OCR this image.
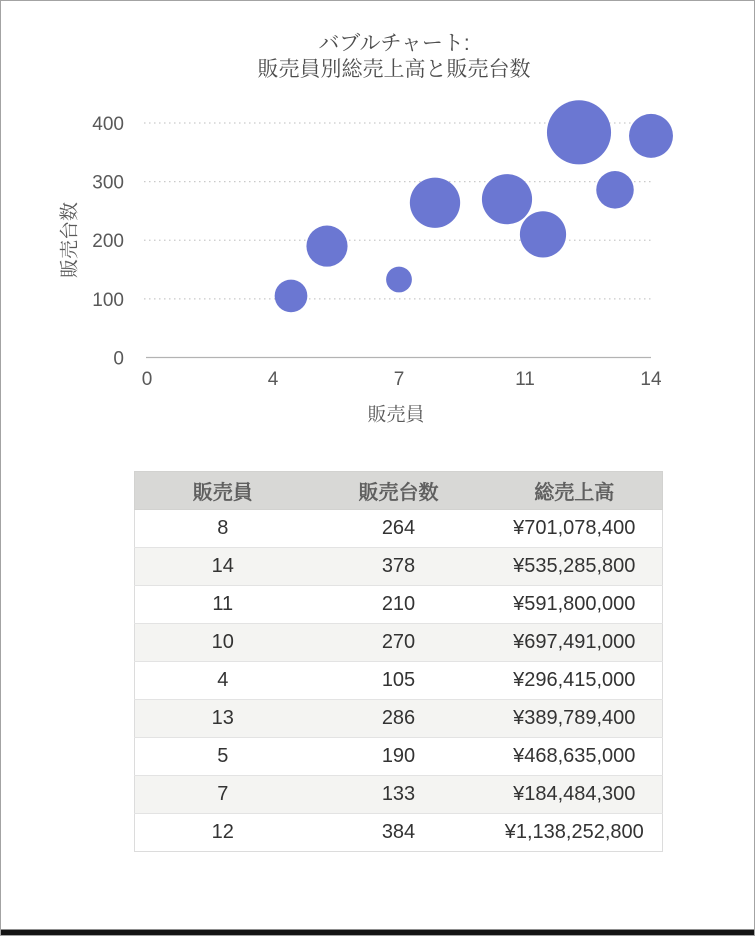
バブルチャート:
販売員別総売上高と販売台数
0
100
200
300
400
0	4	7	11	14
販売台数
販売員
販売員	販売台数	総売上高
8	264	¥701,078,400
14	378	¥535,285,800
11	210	¥591,800,000
10	270	¥697,491,000
4	105	¥296,415,000
13	286	¥389,789,400
5	190	¥468,635,000
7	133	¥184,484,300
12	384	¥1,138,252,800
